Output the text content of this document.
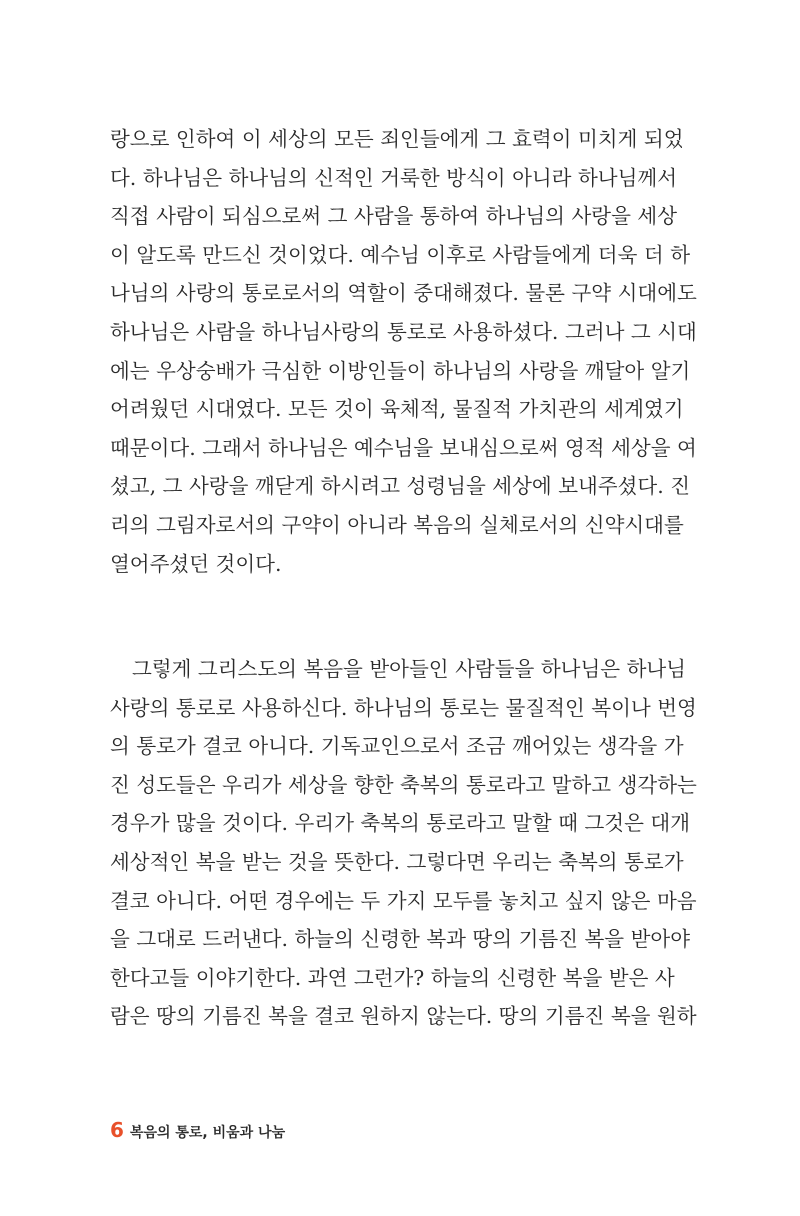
랑으로 인하여 이 세상의 모든 죄인들에게 그 효력이 미치게 되었
다. 하나님은 하나님의 신적인 거룩한 방식이 아니라 하나님께서
직접 사람이 되심으로써 그 사람을 통하여 하나님의 사랑을 세상
이 알도록 만드신 것이었다. 예수님 이후로 사람들에게 더욱 더 하
나님의 사랑의 통로로서의 역할이 중대해졌다. 물론 구약 시대에도
하나님은 사람을 하나님사랑의 통로로 사용하셨다. 그러나 그 시대
에는 우상숭배가 극심한 이방인들이 하나님의 사랑을 깨달아 알기
어려웠던 시대였다. 모든 것이 육체적, 물질적 가치관의 세계였기
때문이다. 그래서 하나님은 예수님을 보내심으로써 영적 세상을 여
셨고, 그 사랑을 깨닫게 하시려고 성령님을 세상에 보내주셨다. 진
리의 그림자로서의 구약이 아니라 복음의 실체로서의 신약시대를
열어주셨던 것이다.
그렇게 그리스도의 복음을 받아들인 사람들을 하나님은 하나님
사랑의 통로로 사용하신다. 하나님의 통로는 물질적인 복이나 번영
의 통로가 결코 아니다. 기독교인으로서 조금 깨어있는 생각을 가
진 성도들은 우리가 세상을 향한 축복의 통로라고 말하고 생각하는
경우가 많을 것이다. 우리가 축복의 통로라고 말할 때 그것은 대개
세상적인 복을 받는 것을 뜻한다. 그렇다면 우리는 축복의 통로가
결코 아니다. 어떤 경우에는 두 가지 모두를 놓치고 싶지 않은 마음
을 그대로 드러낸다. 하늘의 신령한 복과 땅의 기름진 복을 받아야
한다고들 이야기한다. 과연 그런가? 하늘의 신령한 복을 받은 사
람은 땅의 기름진 복을 결코 원하지 않는다. 땅의 기름진 복을 원하
6 복음의 통로, 비움과 나눔
